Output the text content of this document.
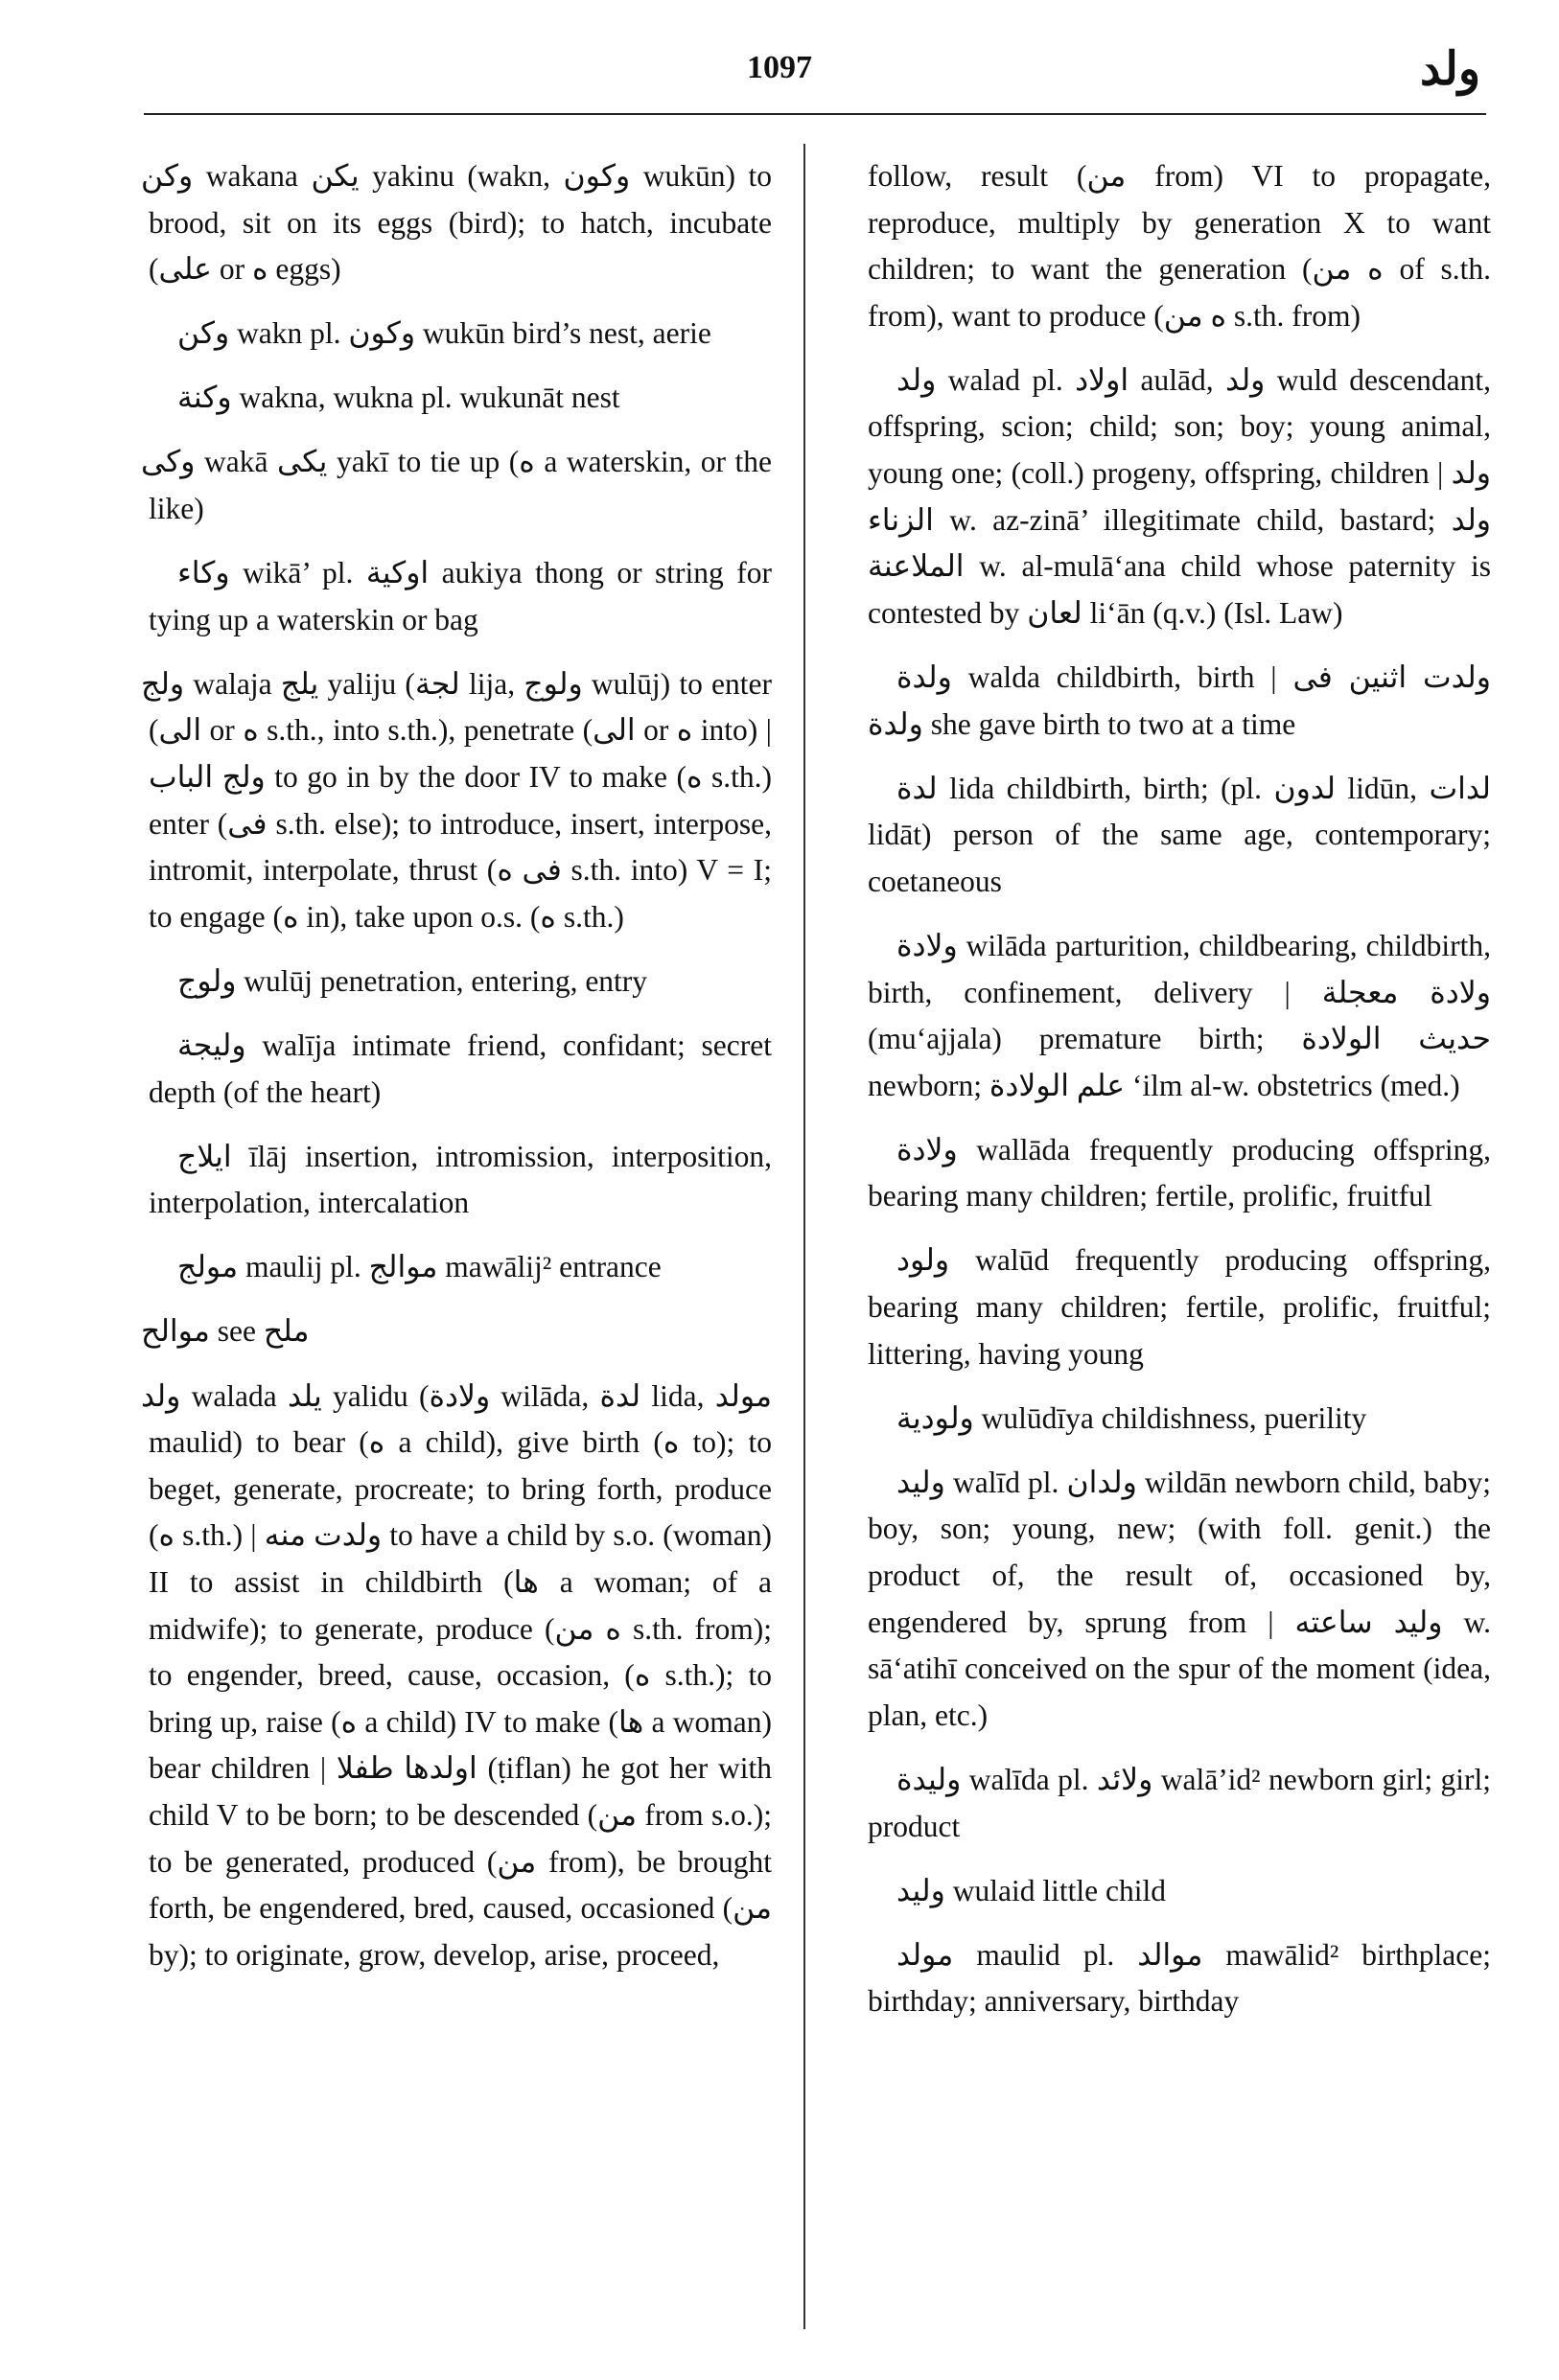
1097	ولد

وكن wakana يكن yakinu (wakn, وكون wukūn) to brood, sit on its eggs (bird); to hatch, incubate (على or ه eggs)

وكن wakn pl. وكون wukūn bird’s nest, aerie

وكنة wakna, wukna pl. wukunāt nest

وكى wakā يكى yakī to tie up (ه a waterskin, or the like)

وكاء wikā’ pl. اوكية aukiya thong or string for tying up a waterskin or bag

ولج walaja يلج yaliju (لجة lija, ولوج wulūj) to enter (الى or ه s.th., into s.th.), penetrate (الى or ه into) | ولج الباب to go in by the door IV to make (ه s.th.) enter (فى s.th. else); to introduce, insert, interpose, intromit, interpolate, thrust (فى ه s.th. into) V = I; to engage (ه in), take upon o.s. (ه s.th.)

ولوج wulūj penetration, entering, entry

وليجة walīja intimate friend, confidant; secret depth (of the heart)

ايلاج īlāj insertion, intromission, interposition, interpolation, intercalation

مولج maulij pl. موالج mawālij² entrance

موالح see ملح

ولد walada يلد yalidu (ولادة wilāda, لدة lida, مولد maulid) to bear (ه a child), give birth (ه to); to beget, generate, procreate; to bring forth, produce (ه s.th.) | ولدت منه to have a child by s.o. (woman) II to assist in childbirth (ها a woman; of a midwife); to generate, produce (ه من s.th. from); to engender, breed, cause, occasion, (ه s.th.); to bring up, raise (ه a child) IV to make (ها a woman) bear children | اولدها طفلا (ṭiflan) he got her with child V to be born; to be descended (من from s.o.); to be generated, produced (من from), be brought forth, be engendered, bred, caused, occasioned (من by); to originate, grow, develop, arise, proceed,

follow, result (من from) VI to propagate, reproduce, multiply by generation X to want children; to want the generation (ه من of s.th. from), want to produce (ه من s.th. from)

ولد walad pl. اولاد aulād, ولد wuld descendant, offspring, scion; child; son; boy; young animal, young one; (coll.) progeny, offspring, children | ولد الزناء w. az-zinā’ illegitimate child, bastard; ولد الملاعنة w. al-mulā‘ana child whose paternity is contested by لعان li‘ān (q.v.) (Isl. Law)

ولدة walda childbirth, birth | ولدت اثنين فى ولدة she gave birth to two at a time

لدة lida childbirth, birth; (pl. لدون lidūn, لدات lidāt) person of the same age, contemporary; coetaneous

ولادة wilāda parturition, childbearing, childbirth, birth, confinement, delivery | ولادة معجلة (mu‘ajjala) premature birth; حديث الولادة newborn; علم الولادة ‘ilm al-w. obstetrics (med.)

ولادة wallāda frequently producing offspring, bearing many children; fertile, prolific, fruitful

ولود walūd frequently producing offspring, bearing many children; fertile, prolific, fruitful; littering, having young

ولودية wulūdīya childishness, puerility

وليد walīd pl. ولدان wildān newborn child, baby; boy, son; young, new; (with foll. genit.) the product of, the result of, occasioned by, engendered by, sprung from | وليد ساعته w. sā‘atihī conceived on the spur of the moment (idea, plan, etc.)

وليدة walīda pl. ولائد walā’id² newborn girl; girl; product

وليد wulaid little child

مولد maulid pl. موالد mawālid² birthplace; birthday; anniversary, birthday
